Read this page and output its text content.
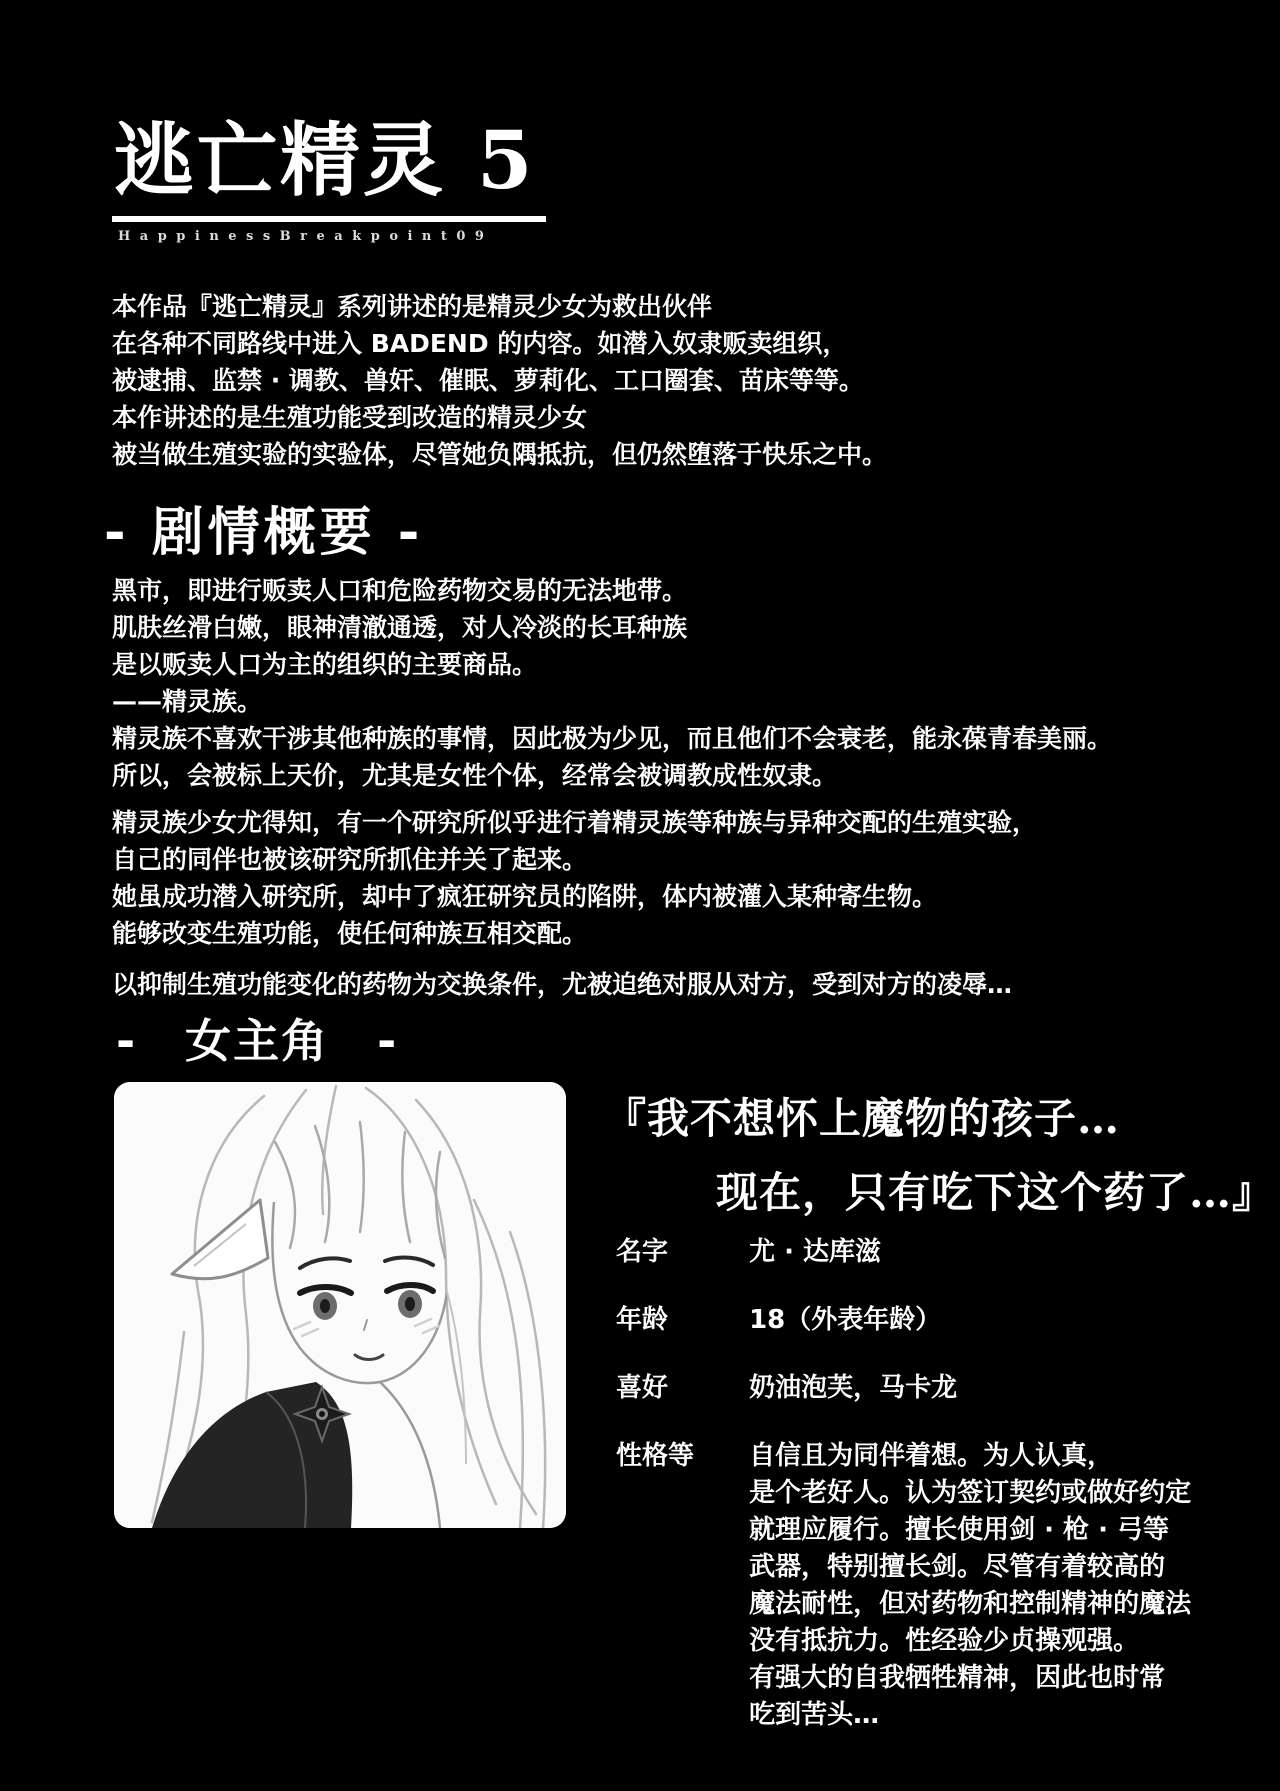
逃亡精灵 5
HappinessBreakpoint09
本作品『逃亡精灵』系列讲述的是精灵少女为救出伙伴
在各种不同路线中进入 BADEND 的内容。如潜入奴隶贩卖组织，
被逮捕、监禁 · 调教、兽奸、催眠、萝莉化、工口圈套、苗床等等。
本作讲述的是生殖功能受到改造的精灵少女
被当做生殖实验的实验体，尽管她负隅抵抗，但仍然堕落于快乐之中。
- 剧情概要 -
黑市，即进行贩卖人口和危险药物交易的无法地带。
肌肤丝滑白嫩，眼神清澈通透，对人冷淡的长耳种族
是以贩卖人口为主的组织的主要商品。
——精灵族。
精灵族不喜欢干涉其他种族的事情，因此极为少见，而且他们不会衰老，能永葆青春美丽。
所以，会被标上天价，尤其是女性个体，经常会被调教成性奴隶。
精灵族少女尤得知，有一个研究所似乎进行着精灵族等种族与异种交配的生殖实验，
自己的同伴也被该研究所抓住并关了起来。
她虽成功潜入研究所，却中了疯狂研究员的陷阱，体内被灌入某种寄生物。
能够改变生殖功能，使任何种族互相交配。
以抑制生殖功能变化的药物为交换条件，尤被迫绝对服从对方，受到对方的凌辱…
-　女主角　-
『我不想怀上魔物的孩子…
现在，只有吃下这个药了…』
名字	尤 · 达库滋
年龄	18（外表年龄）
喜好	奶油泡芙，马卡龙
性格等 自信且为同伴着想。为人认真，
是个老好人。认为签订契约或做好约定
就理应履行。擅长使用剑 · 枪 · 弓等
武器，特别擅长剑。尽管有着较高的
魔法耐性，但对药物和控制精神的魔法
没有抵抗力。性经验少贞操观强。
有强大的自我牺牲精神，因此也时常
吃到苦头…
